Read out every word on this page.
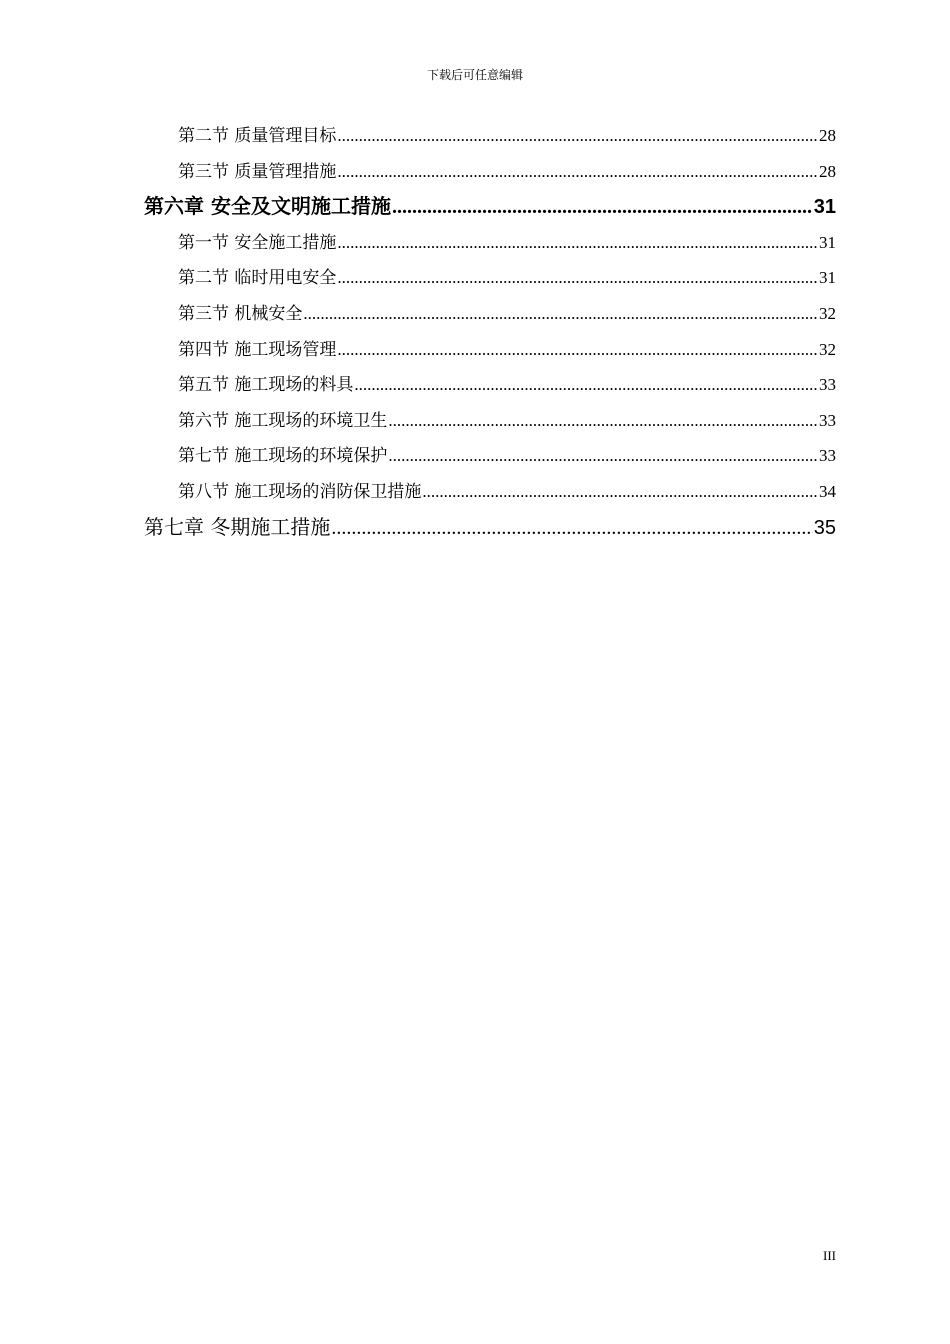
下载后可任意编辑
第二节 质量管理目标 .....	28
第三节 质量管理措施 .....	28
第六章 安全及文明施工措施 .....	31
第一节 安全施工措施 .....	31
第二节 临时用电安全 .....	31
第三节 机械安全 .....	32
第四节 施工现场管理 .....	32
第五节 施工现场的料具 .....	33
第六节 施工现场的环境卫生 .....	33
第七节 施工现场的环境保护 .....	33
第八节 施工现场的消防保卫措施 .....	34
第七章 冬期施工措施 .....	35
III
